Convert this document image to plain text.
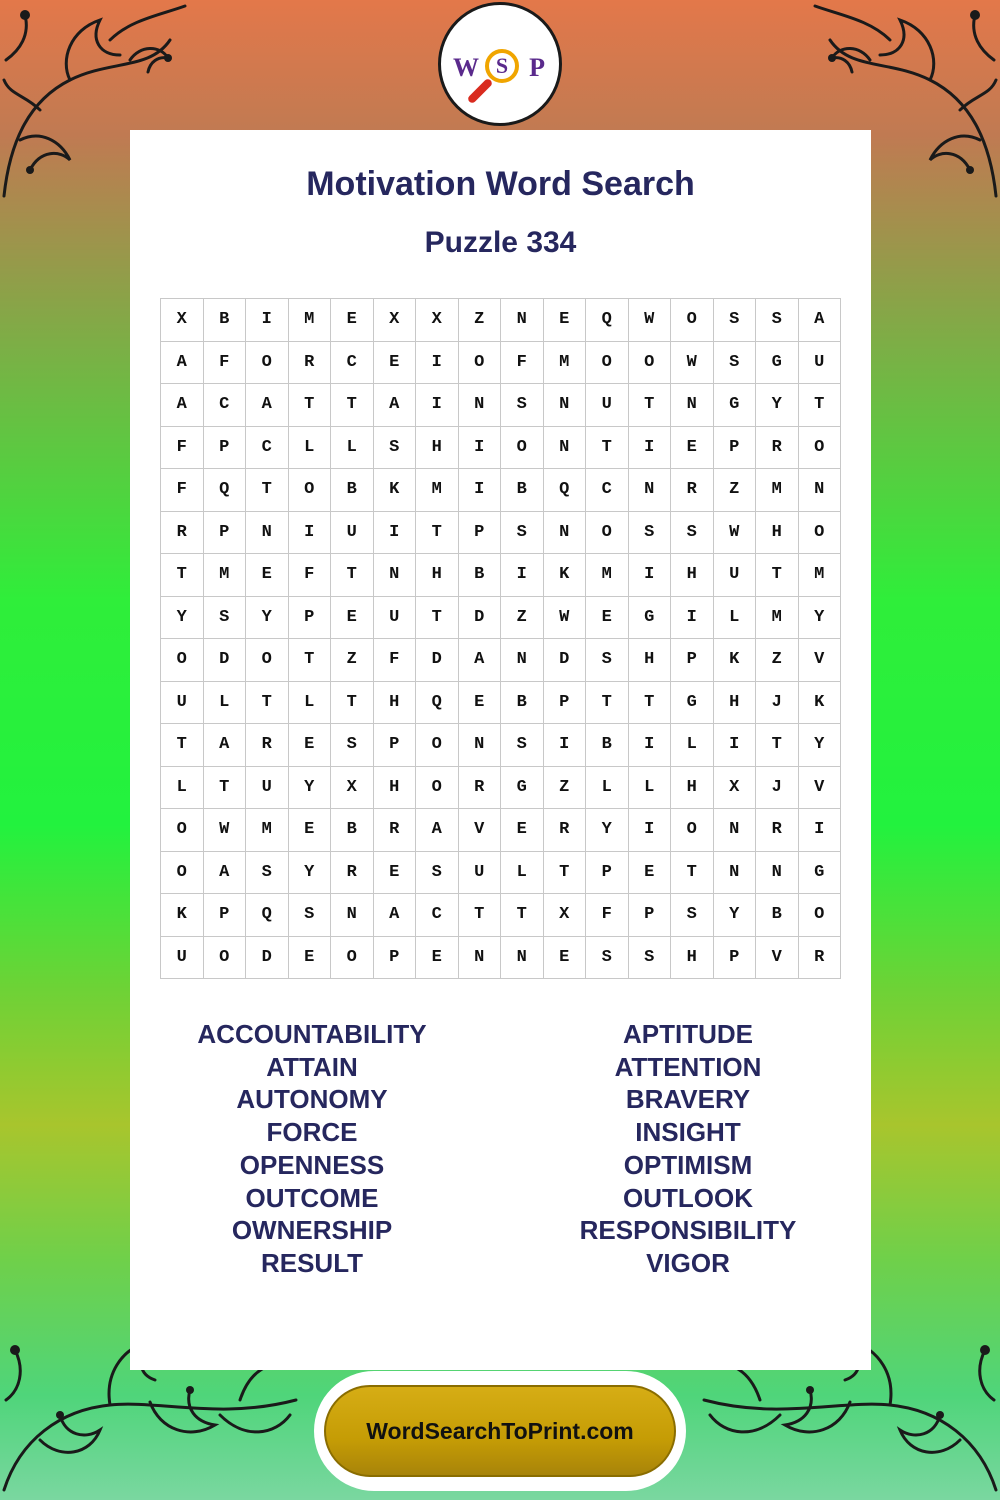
W S P
Motivation Word Search
Puzzle 334
X	B	I	M	E	X	X	Z	N	E	Q	W	O	S	S	A
A	F	O	R	C	E	I	O	F	M	O	O	W	S	G	U
A	C	A	T	T	A	I	N	S	N	U	T	N	G	Y	T
F	P	C	L	L	S	H	I	O	N	T	I	E	P	R	O
F	Q	T	O	B	K	M	I	B	Q	C	N	R	Z	M	N
R	P	N	I	U	I	T	P	S	N	O	S	S	W	H	O
T	M	E	F	T	N	H	B	I	K	M	I	H	U	T	M
Y	S	Y	P	E	U	T	D	Z	W	E	G	I	L	M	Y
O	D	O	T	Z	F	D	A	N	D	S	H	P	K	Z	V
U	L	T	L	T	H	Q	E	B	P	T	T	G	H	J	K
T	A	R	E	S	P	O	N	S	I	B	I	L	I	T	Y
L	T	U	Y	X	H	O	R	G	Z	L	L	H	X	J	V
O	W	M	E	B	R	A	V	E	R	Y	I	O	N	R	I
O	A	S	Y	R	E	S	U	L	T	P	E	T	N	N	G
K	P	Q	S	N	A	C	T	T	X	F	P	S	Y	B	O
U	O	D	E	O	P	E	N	N	E	S	S	H	P	V	R
ACCOUNTABILITY
ATTAIN
AUTONOMY
FORCE
OPENNESS
OUTCOME
OWNERSHIP
RESULT
APTITUDE
ATTENTION
BRAVERY
INSIGHT
OPTIMISM
OUTLOOK
RESPONSIBILITY
VIGOR
WordSearchToPrint.com
